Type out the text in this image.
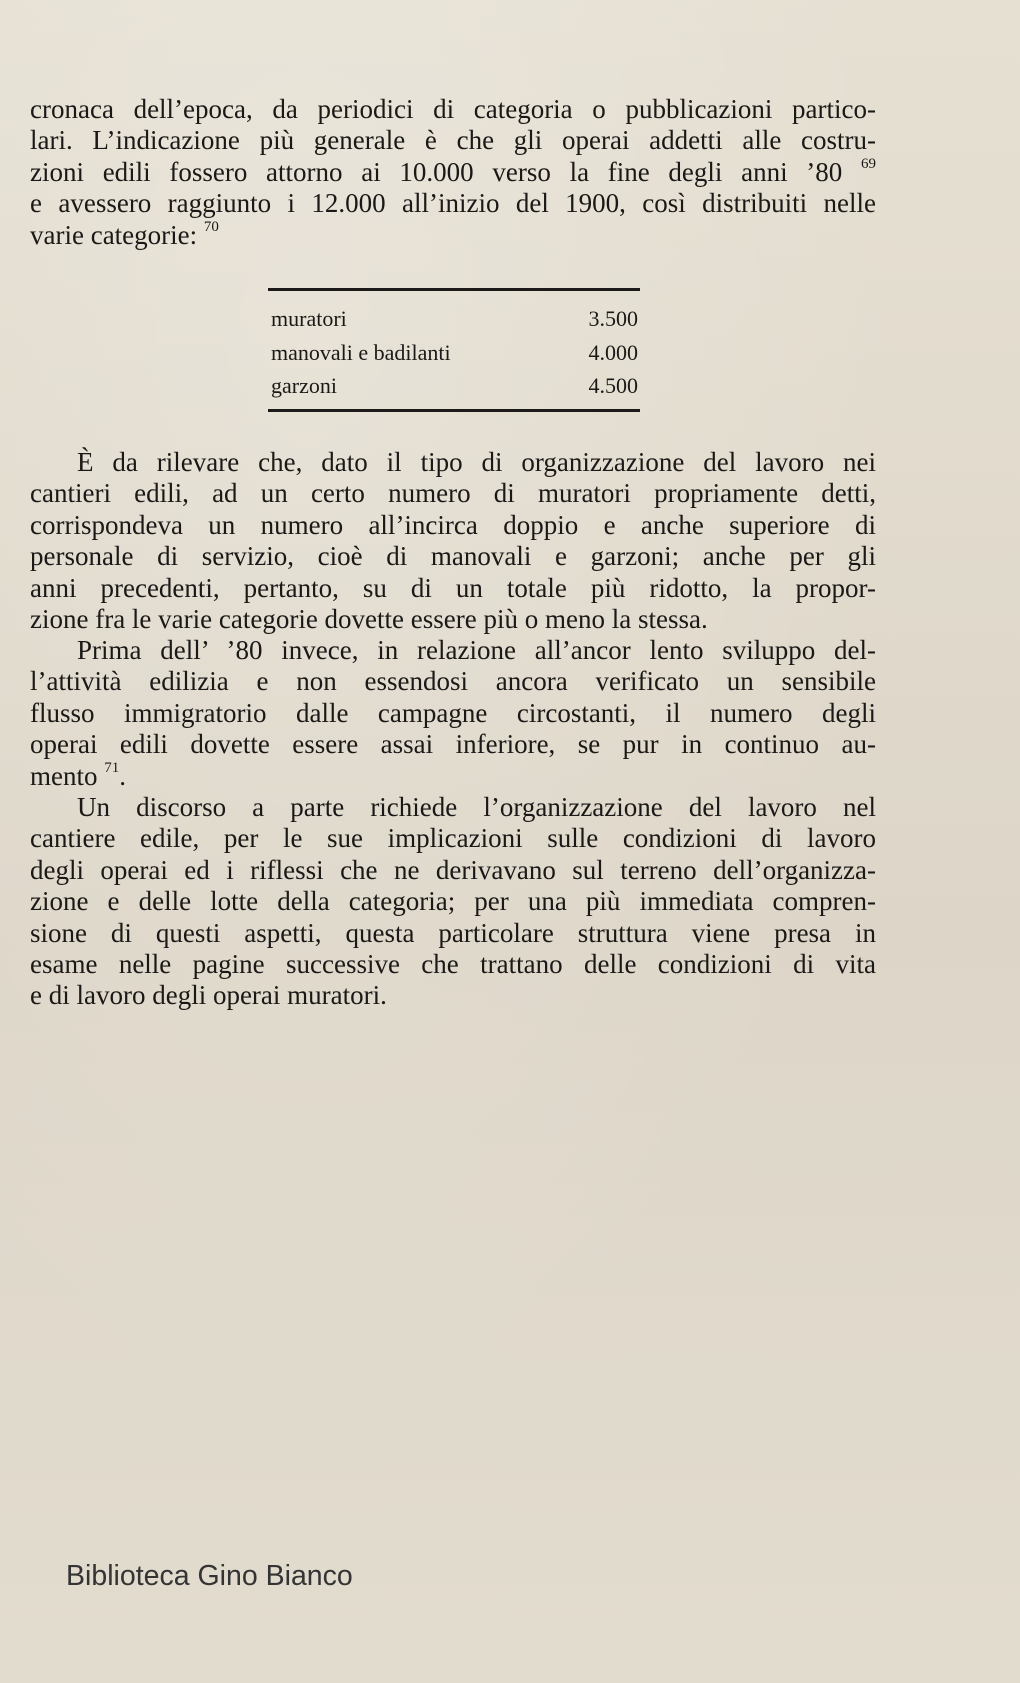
cronaca dell’epoca, da periodici di categoria o pubblicazioni partico-
lari. L’indicazione più generale è che gli operai addetti alle costru-
zioni edili fossero attorno ai 10.000 verso la fine degli anni ’80 $^{69}$
e avessero raggiunto i 12.000 all’inizio del 1900, così distribuiti nelle
varie categorie: $^{70}$
muratori	3.500
manovali e badilanti	4.000
garzoni	4.500
È da rilevare che, dato il tipo di organizzazione del lavoro nei
cantieri edili, ad un certo numero di muratori propriamente detti,
corrispondeva un numero all’incirca doppio e anche superiore di
personale di servizio, cioè di manovali e garzoni; anche per gli
anni precedenti, pertanto, su di un totale più ridotto, la propor-
zione fra le varie categorie dovette essere più o meno la stessa.
Prima dell’ ’80 invece, in relazione all’ancor lento sviluppo del-
l’attività edilizia e non essendosi ancora verificato un sensibile
flusso immigratorio dalle campagne circostanti, il numero degli
operai edili dovette essere assai inferiore, se pur in continuo au-
mento $^{71}$.
Un discorso a parte richiede l’organizzazione del lavoro nel
cantiere edile, per le sue implicazioni sulle condizioni di lavoro
degli operai ed i riflessi che ne derivavano sul terreno dell’organizza-
zione e delle lotte della categoria; per una più immediata compren-
sione di questi aspetti, questa particolare struttura viene presa in
esame nelle pagine successive che trattano delle condizioni di vita
e di lavoro degli operai muratori.
Biblioteca Gino Bianco
